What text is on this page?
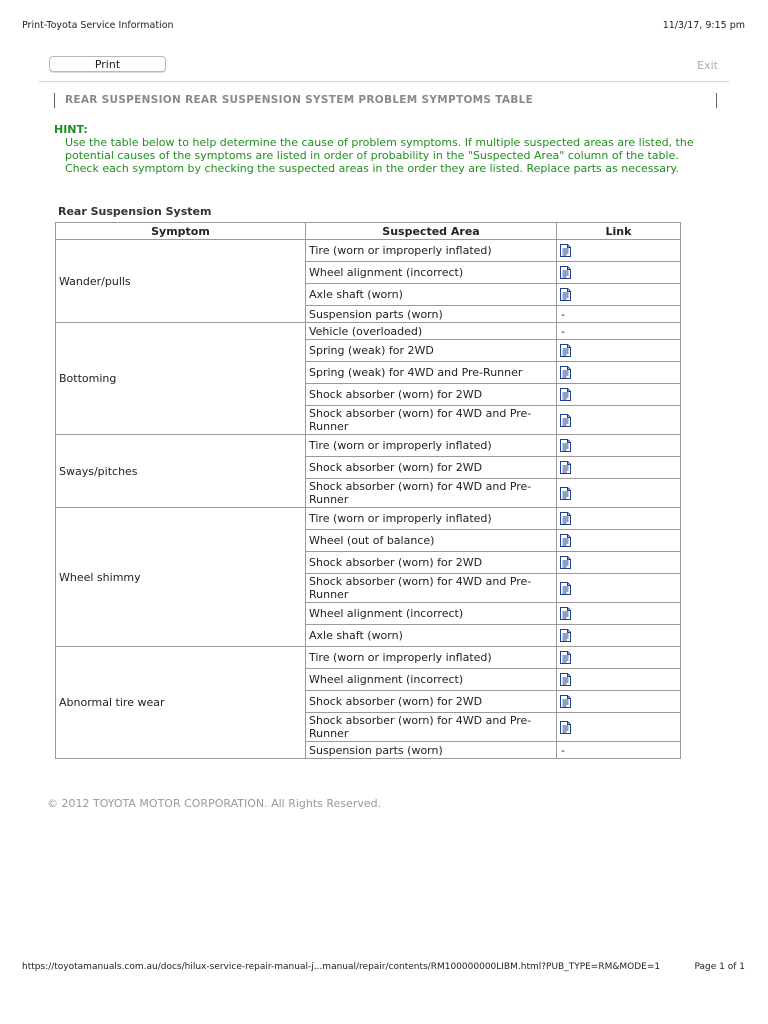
Print-Toyota Service Information	11/3/17, 9:15 pm
Print	Exit
REAR SUSPENSION REAR SUSPENSION SYSTEM PROBLEM SYMPTOMS TABLE
HINT:
Use the table below to help determine the cause of problem symptoms. If multiple suspected areas are listed, the potential causes of the symptoms are listed in order of probability in the "Suspected Area" column of the table. Check each symptom by checking the suspected areas in the order they are listed. Replace parts as necessary.
Rear Suspension System
Symptom	Suspected Area	Link
Wander/pulls	Tire (worn or improperly inflated)	
	Wheel alignment (incorrect)	
	Axle shaft (worn)	
	Suspension parts (worn)	-
Bottoming	Vehicle (overloaded)	-
	Spring (weak) for 2WD	
	Spring (weak) for 4WD and Pre-Runner	
	Shock absorber (worn) for 2WD	
	Shock absorber (worn) for 4WD and Pre-Runner	
Sways/pitches	Tire (worn or improperly inflated)	
	Shock absorber (worn) for 2WD	
	Shock absorber (worn) for 4WD and Pre-Runner	
Wheel shimmy	Tire (worn or improperly inflated)	
	Wheel (out of balance)	
	Shock absorber (worn) for 2WD	
	Shock absorber (worn) for 4WD and Pre-Runner	
	Wheel alignment (incorrect)	
	Axle shaft (worn)	
Abnormal tire wear	Tire (worn or improperly inflated)	
	Wheel alignment (incorrect)	
	Shock absorber (worn) for 2WD	
	Shock absorber (worn) for 4WD and Pre-Runner	
	Suspension parts (worn)	-
© 2012 TOYOTA MOTOR CORPORATION. All Rights Reserved.
https://toyotamanuals.com.au/docs/hilux-service-repair-manual-j...manual/repair/contents/RM100000000LIBM.html?PUB_TYPE=RM&MODE=1	Page 1 of 1
